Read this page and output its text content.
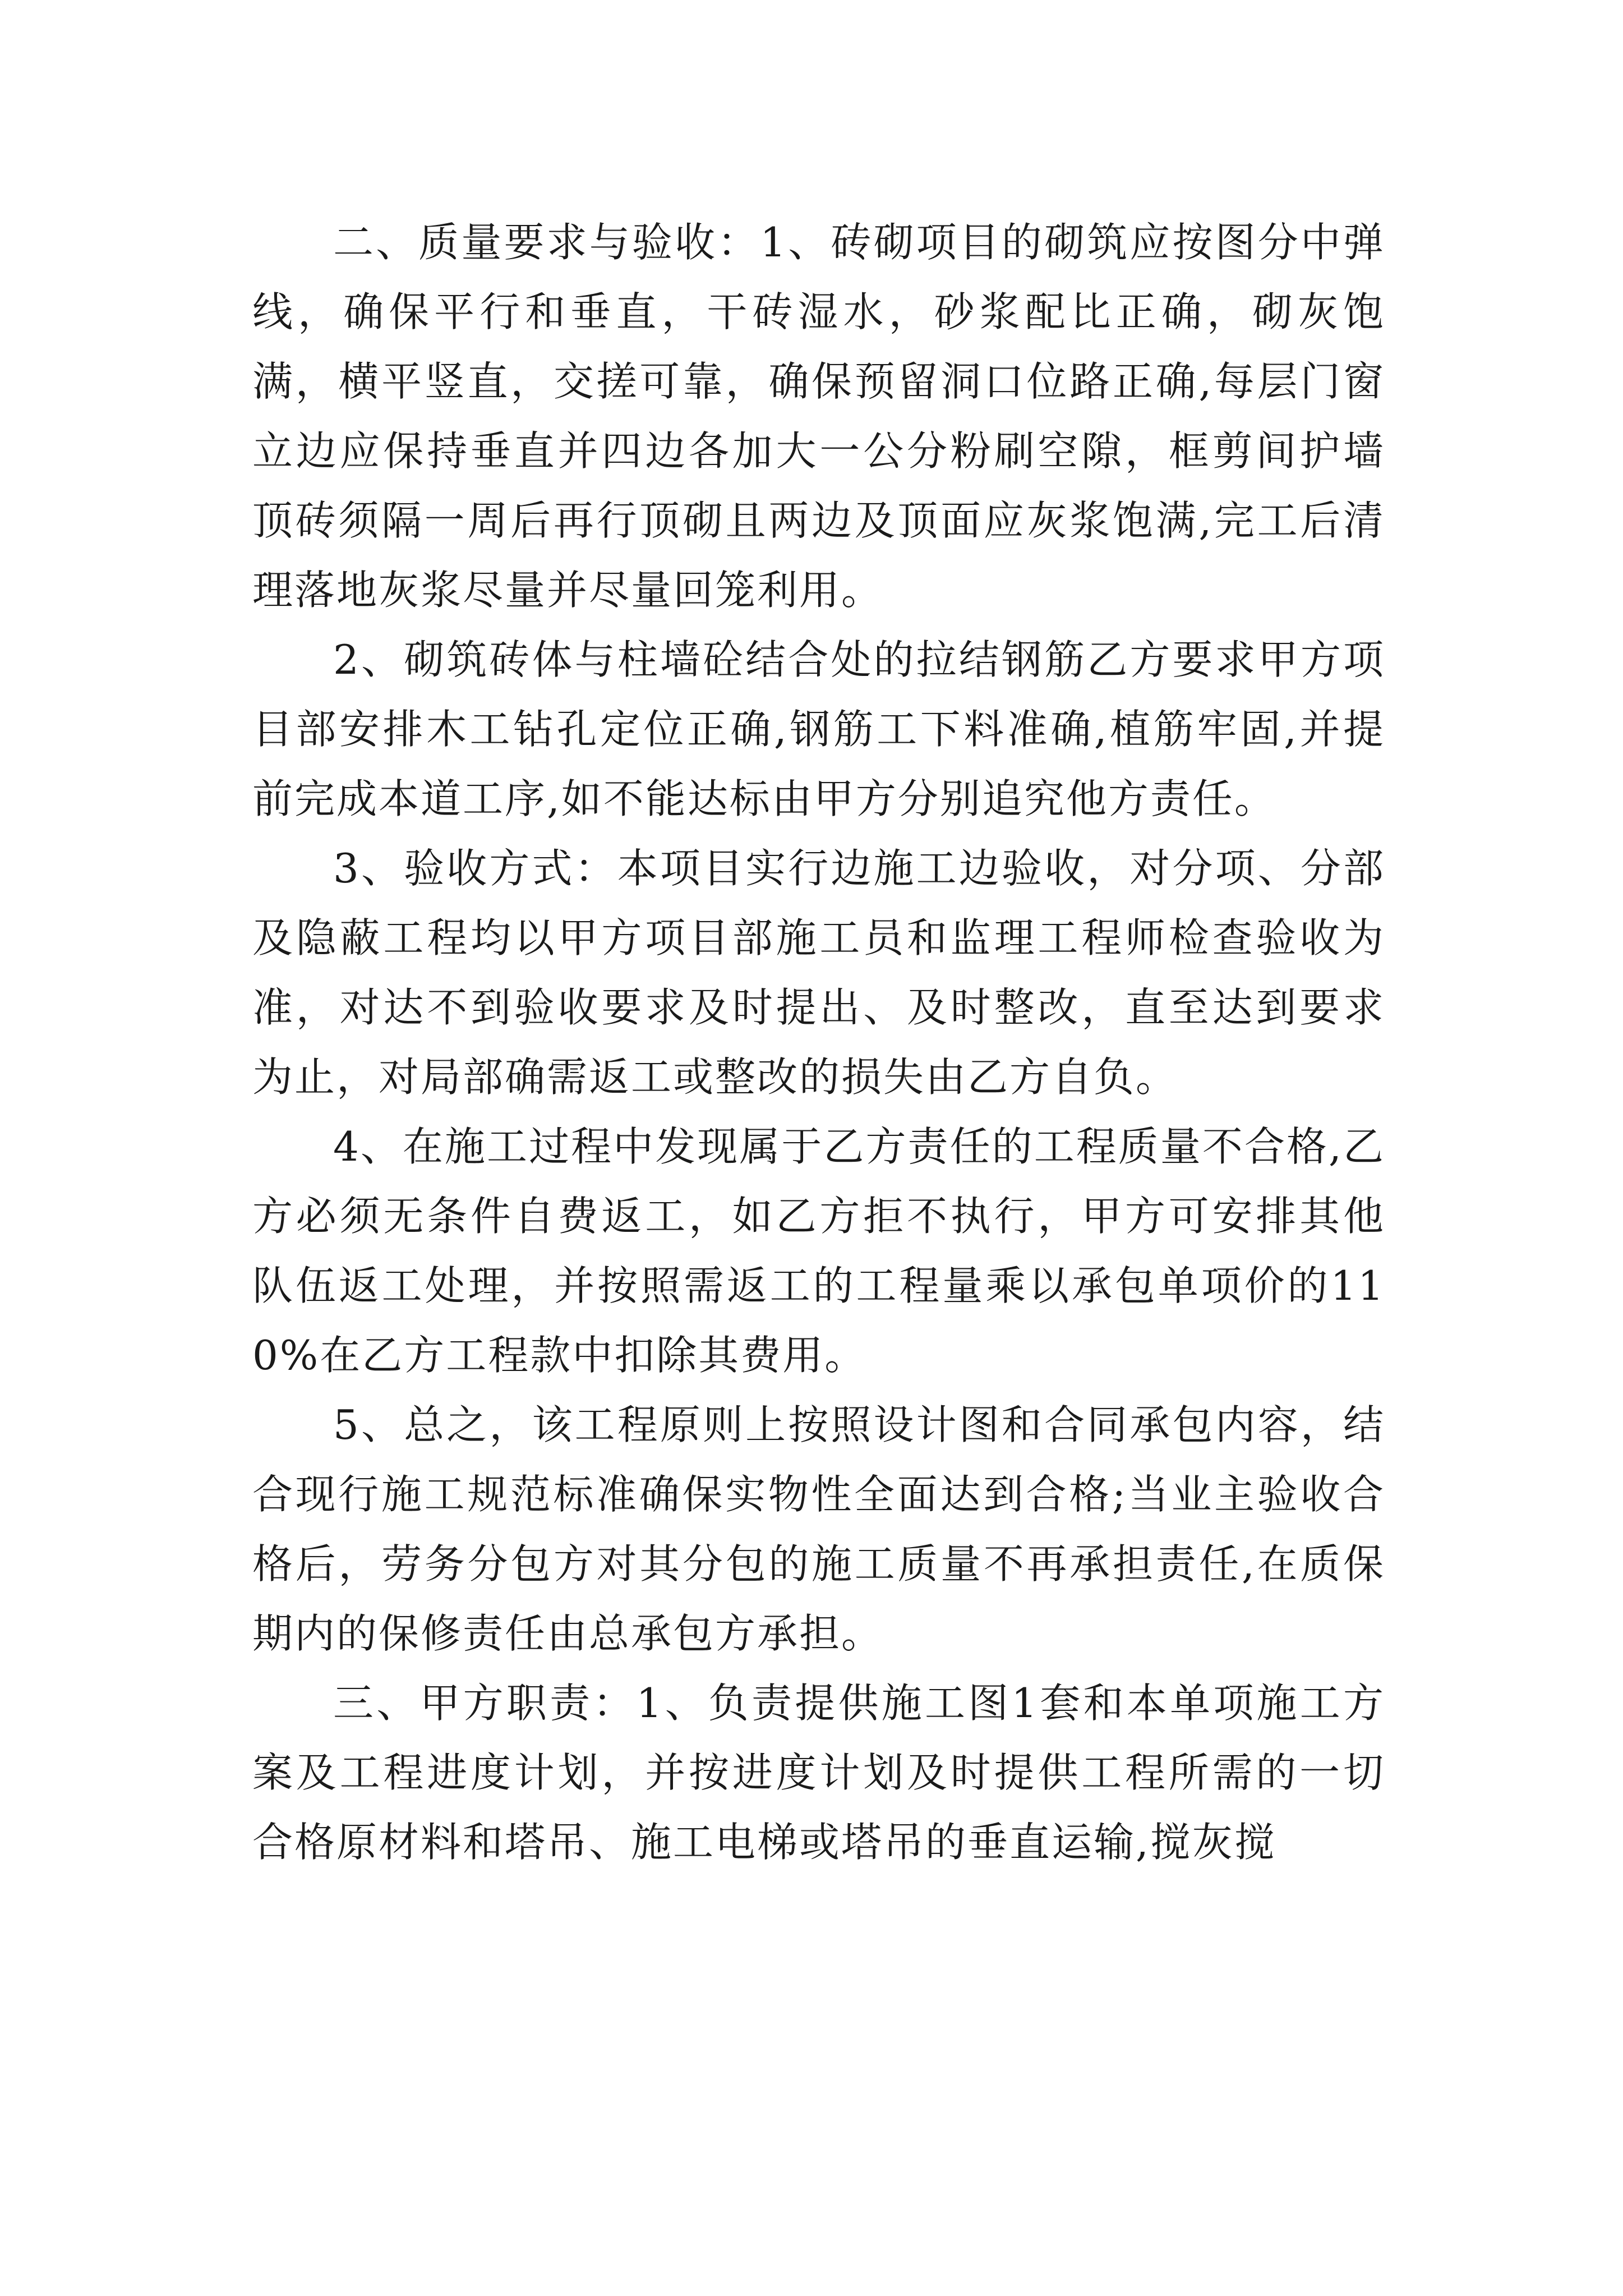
二、质量要求与验收：1、砖砌项目的砌筑应按图分中弹线，确保平行和垂直，干砖湿水，砂浆配比正确，砌灰饱满，横平竖直，交搓可靠，确保预留洞口位路正确,每层门窗立边应保持垂直并四边各加大一公分粉刷空隙，框剪间护墙顶砖须隔一周后再行顶砌且两边及顶面应灰浆饱满,完工后清理落地灰浆尽量并尽量回笼利用。

2、砌筑砖体与柱墙砼结合处的拉结钢筋乙方要求甲方项目部安排木工钻孔定位正确,钢筋工下料准确,植筋牢固,并提前完成本道工序,如不能达标由甲方分别追究他方责任。

3、验收方式：本项目实行边施工边验收，对分项、分部及隐蔽工程均以甲方项目部施工员和监理工程师检查验收为准，对达不到验收要求及时提出、及时整改，直至达到要求为止，对局部确需返工或整改的损失由乙方自负。

4、在施工过程中发现属于乙方责任的工程质量不合格,乙方必须无条件自费返工，如乙方拒不执行，甲方可安排其他队伍返工处理，并按照需返工的工程量乘以承包单项价的110%在乙方工程款中扣除其费用。

5、总之，该工程原则上按照设计图和合同承包内容，结合现行施工规范标准确保实物性全面达到合格;当业主验收合格后，劳务分包方对其分包的施工质量不再承担责任,在质保期内的保修责任由总承包方承担。

三、甲方职责：1、负责提供施工图1套和本单项施工方案及工程进度计划，并按进度计划及时提供工程所需的一切合格原材料和塔吊、施工电梯或塔吊的垂直运输,搅灰搅
